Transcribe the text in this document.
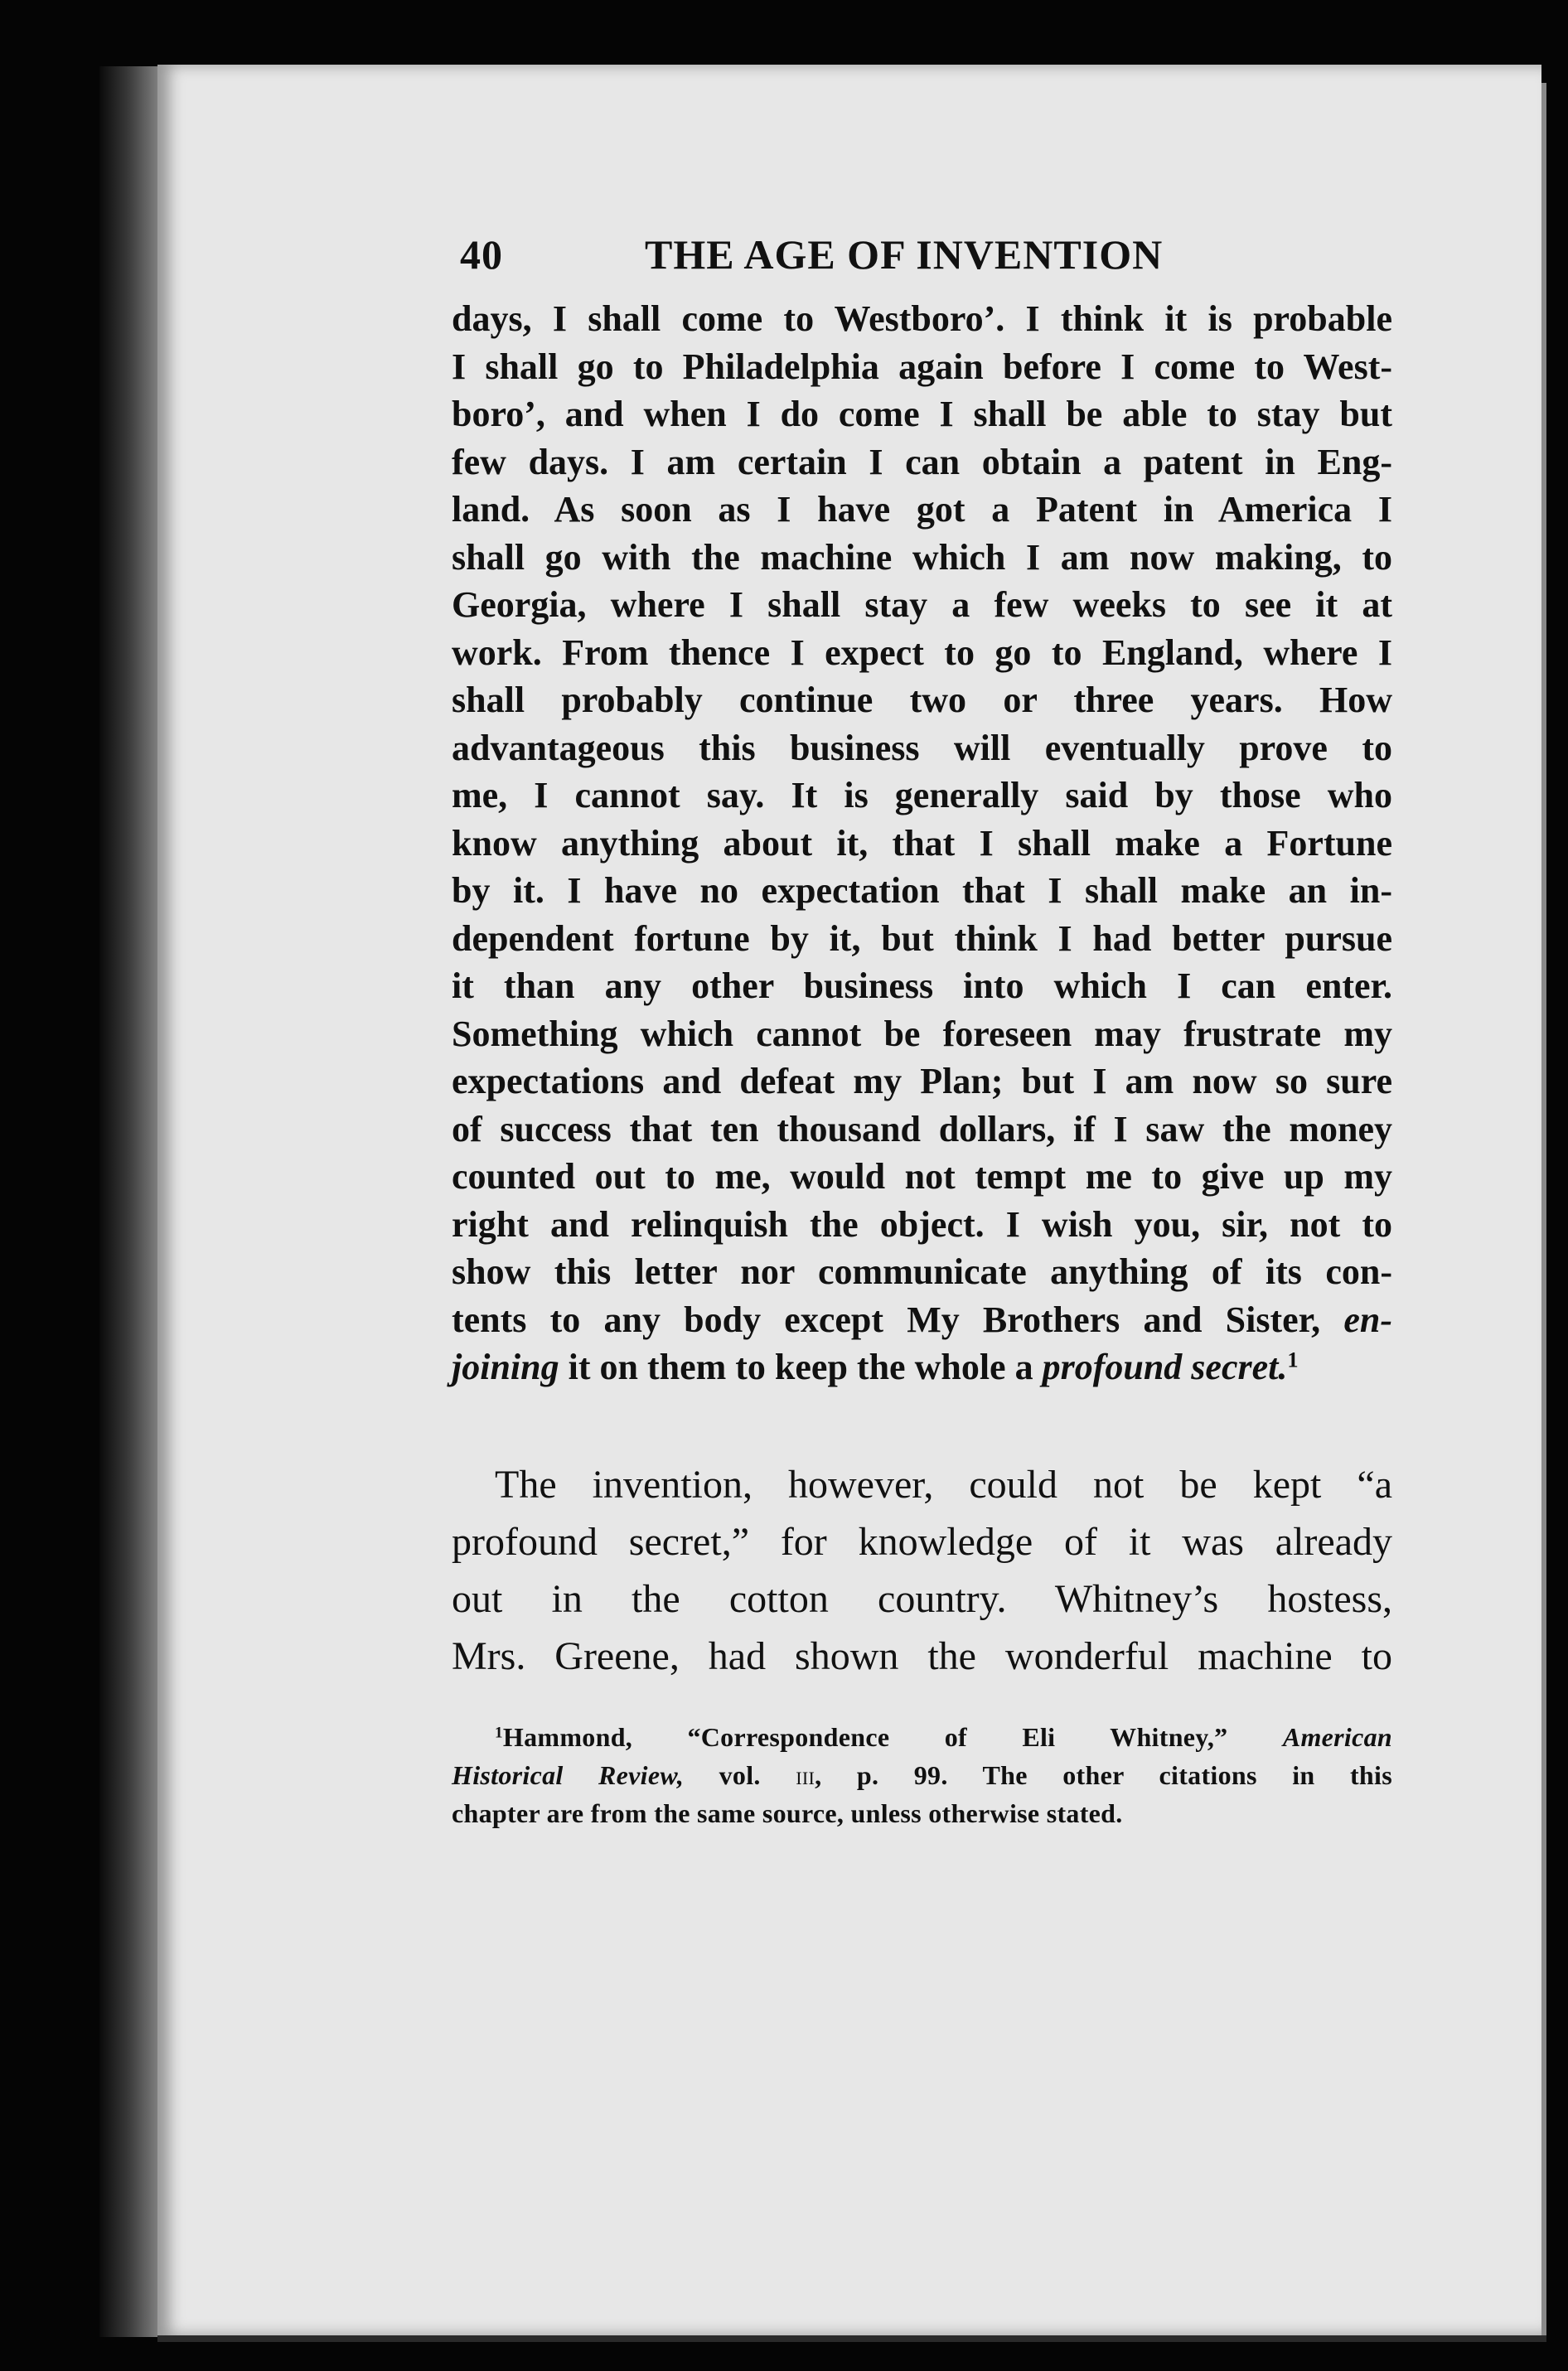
40	THE AGE OF INVENTION
days, I shall come to Westboro’. I think it is probable
I shall go to Philadelphia again before I come to West-
boro’, and when I do come I shall be able to stay but
few days. I am certain I can obtain a patent in Eng-
land. As soon as I have got a Patent in America I
shall go with the machine which I am now making, to
Georgia, where I shall stay a few weeks to see it at
work. From thence I expect to go to England, where I
shall probably continue two or three years. How
advantageous this business will eventually prove to
me, I cannot say. It is generally said by those who
know anything about it, that I shall make a Fortune
by it. I have no expectation that I shall make an in-
dependent fortune by it, but think I had better pursue
it than any other business into which I can enter.
Something which cannot be foreseen may frustrate my
expectations and defeat my Plan; but I am now so sure
of success that ten thousand dollars, if I saw the money
counted out to me, would not tempt me to give up my
right and relinquish the object. I wish you, sir, not to
show this letter nor communicate anything of its con-
tents to any body except My Brothers and Sister, en-
joining it on them to keep the whole a profound secret.$^1$
The invention, however, could not be kept “a
profound secret,” for knowledge of it was already
out in the cotton country. Whitney’s hostess,
Mrs. Greene, had shown the wonderful machine to
$^1$Hammond, “Correspondence of Eli Whitney,” American
Historical Review, vol. iii, p. 99. The other citations in this
chapter are from the same source, unless otherwise stated.
